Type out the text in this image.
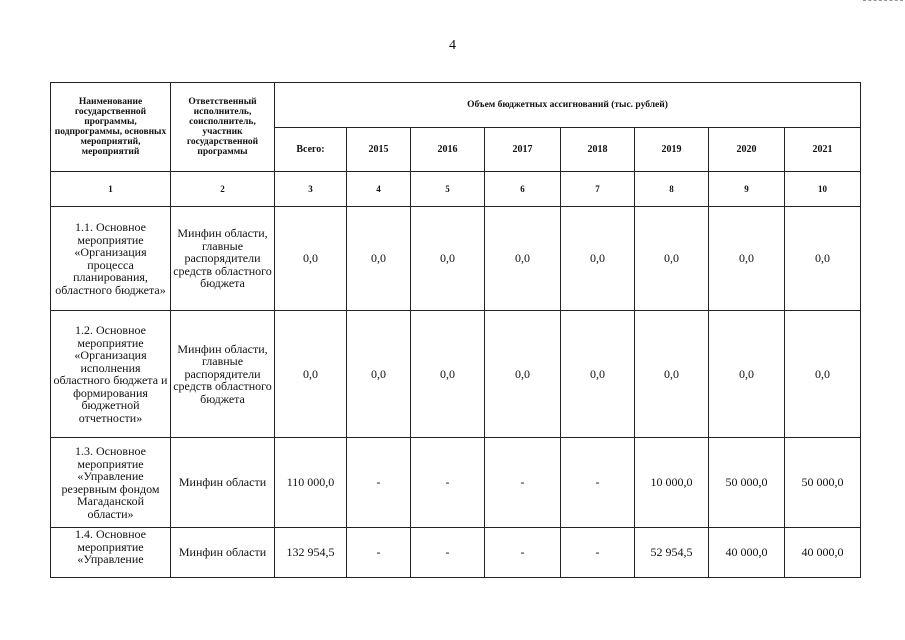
4
Наименование государственной программы, подпрограммы, основных мероприятий, мероприятий	Ответственный исполнитель, соисполнитель, участник государственной программы	Объем бюджетных ассигнований (тыс. рублей)							
		Всего:	2015	2016	2017	2018	2019	2020	2021
1	2	3	4	5	6	7	8	9	10
1.1. Основное мероприятие «Организация процесса планирования, областного бюджета»	Минфин области, главные распорядители средств областного бюджета	0,0	0,0	0,0	0,0	0,0	0,0	0,0	0,0
1.2. Основное мероприятие «Организация исполнения областного бюджета и формирования бюджетной отчетности»	Минфин области, главные распорядители средств областного бюджета	0,0	0,0	0,0	0,0	0,0	0,0	0,0	0,0
1.3. Основное мероприятие «Управление резервным фондом Магаданской области»	Минфин области	110 000,0	-	-	-	-	10 000,0	50 000,0	50 000,0
1.4. Основное мероприятие «Управление	Минфин области	132 954,5	-	-	-	-	52 954,5	40 000,0	40 000,0
